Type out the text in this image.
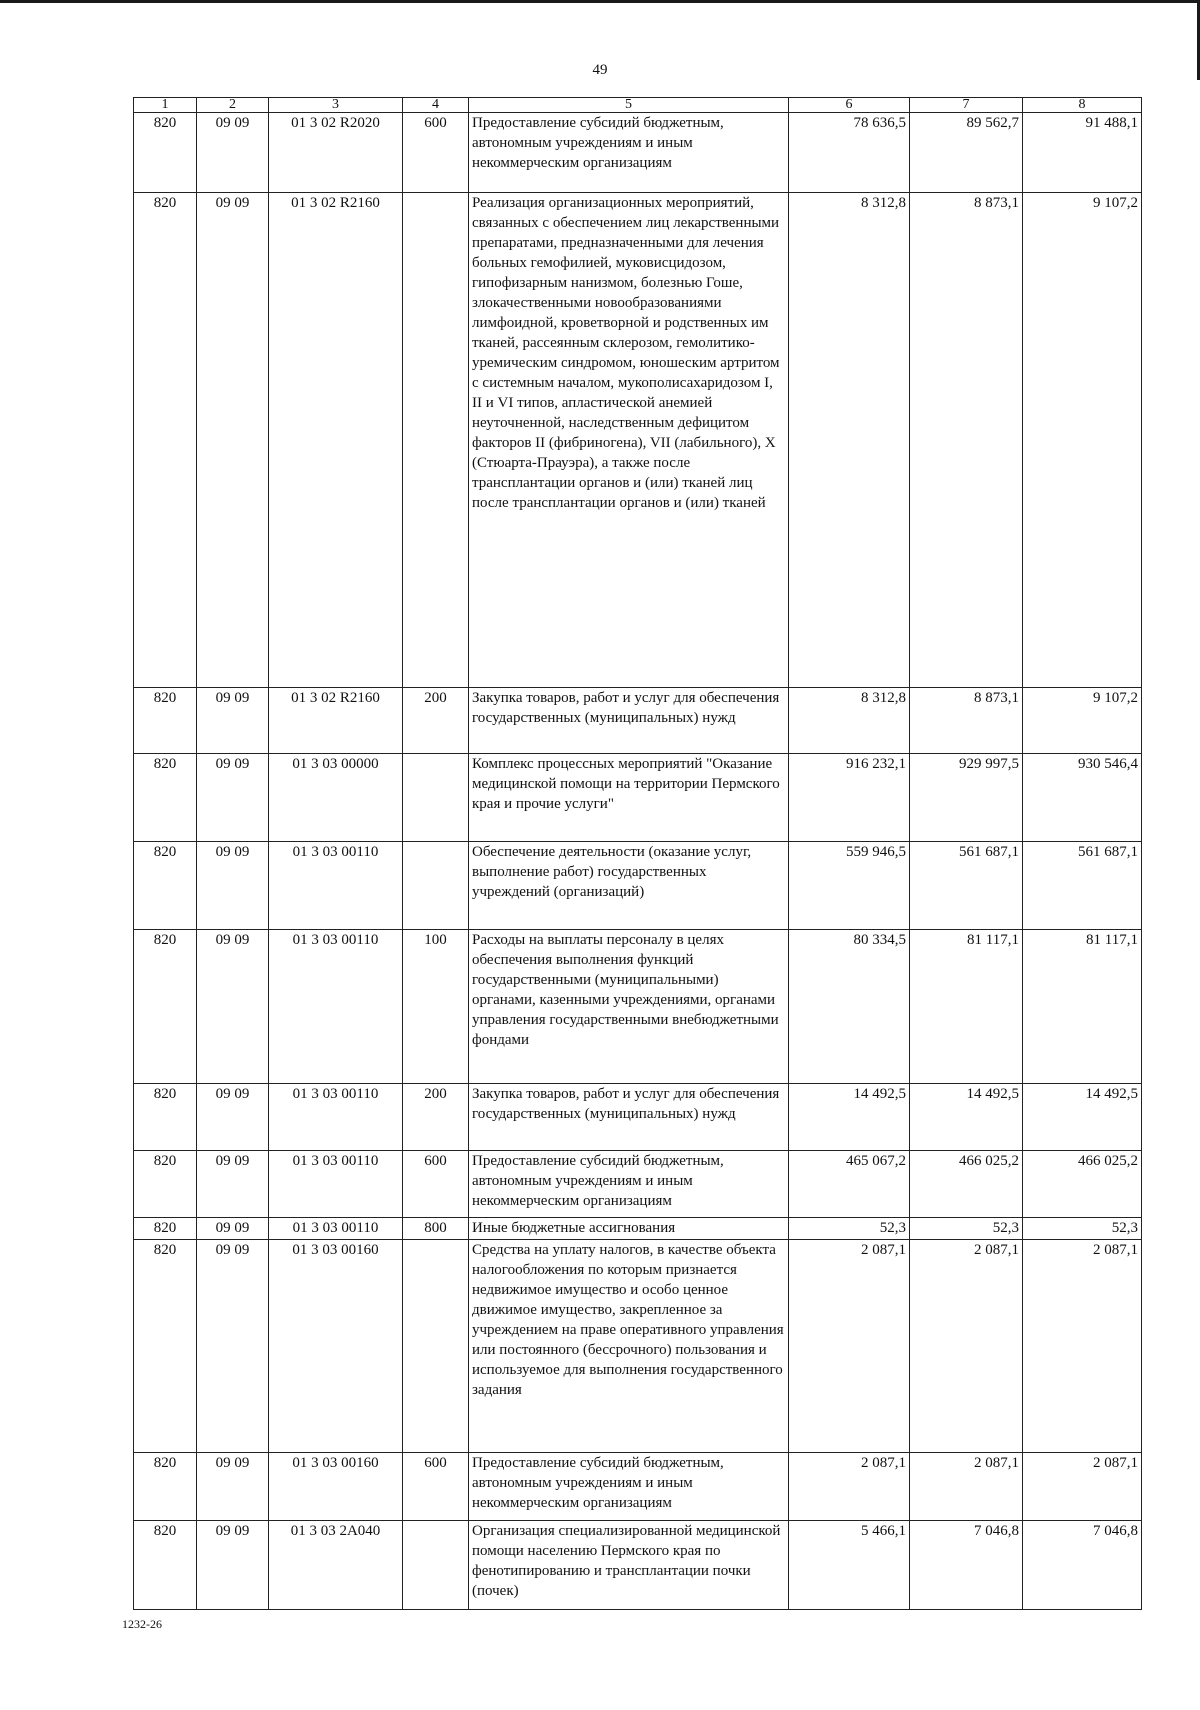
49
1	2	3	4	5	6	7	8
820	09 09	01 3 02 R2020	600	Предоставление субсидий бюджетным, автономным учреждениям и иным некоммерческим организациям	78 636,5	89 562,7	91 488,1
820	09 09	01 3 02 R2160		Реализация организационных мероприятий, связанных с обеспечением лиц лекарственными препаратами, предназначенными для лечения больных гемофилией, муковисцидозом, гипофизарным нанизмом, болезнью Гоше, злокачественными новообразованиями лимфоидной, кроветворной и родственных им тканей, рассеянным склерозом, гемолитико-уремическим синдромом, юношеским артритом с системным началом, мукополисахаридозом I, II и VI типов, апластической анемией неуточненной, наследственным дефицитом факторов II (фибриногена), VII (лабильного), X (Стюарта-Прауэра), а также после трансплантации органов и (или) тканей лиц после трансплантации органов и (или) тканей	8 312,8	8 873,1	9 107,2
820	09 09	01 3 02 R2160	200	Закупка товаров, работ и услуг для обеспечения государственных (муниципальных) нужд	8 312,8	8 873,1	9 107,2
820	09 09	01 3 03 00000		Комплекс процессных мероприятий "Оказание медицинской помощи на территории Пермского края и прочие услуги"	916 232,1	929 997,5	930 546,4
820	09 09	01 3 03 00110		Обеспечение деятельности (оказание услуг, выполнение работ) государственных учреждений (организаций)	559 946,5	561 687,1	561 687,1
820	09 09	01 3 03 00110	100	Расходы на выплаты персоналу в целях обеспечения выполнения функций государственными (муниципальными) органами, казенными учреждениями, органами управления государственными внебюджетными фондами	80 334,5	81 117,1	81 117,1
820	09 09	01 3 03 00110	200	Закупка товаров, работ и услуг для обеспечения государственных (муниципальных) нужд	14 492,5	14 492,5	14 492,5
820	09 09	01 3 03 00110	600	Предоставление субсидий бюджетным, автономным учреждениям и иным некоммерческим организациям	465 067,2	466 025,2	466 025,2
820	09 09	01 3 03 00110	800	Иные бюджетные ассигнования	52,3	52,3	52,3
820	09 09	01 3 03 00160		Средства на уплату налогов, в качестве объекта налогообложения по которым признается недвижимое имущество и особо ценное движимое имущество, закрепленное за учреждением на праве оперативного управления или постоянного (бессрочного) пользования и используемое для выполнения государственного задания	2 087,1	2 087,1	2 087,1
820	09 09	01 3 03 00160	600	Предоставление субсидий бюджетным, автономным учреждениям и иным некоммерческим организациям	2 087,1	2 087,1	2 087,1
820	09 09	01 3 03 2А040		Организация специализированной медицинской помощи населению Пермского края по фенотипированию и трансплантации почки (почек)	5 466,1	7 046,8	7 046,8
1232-26
